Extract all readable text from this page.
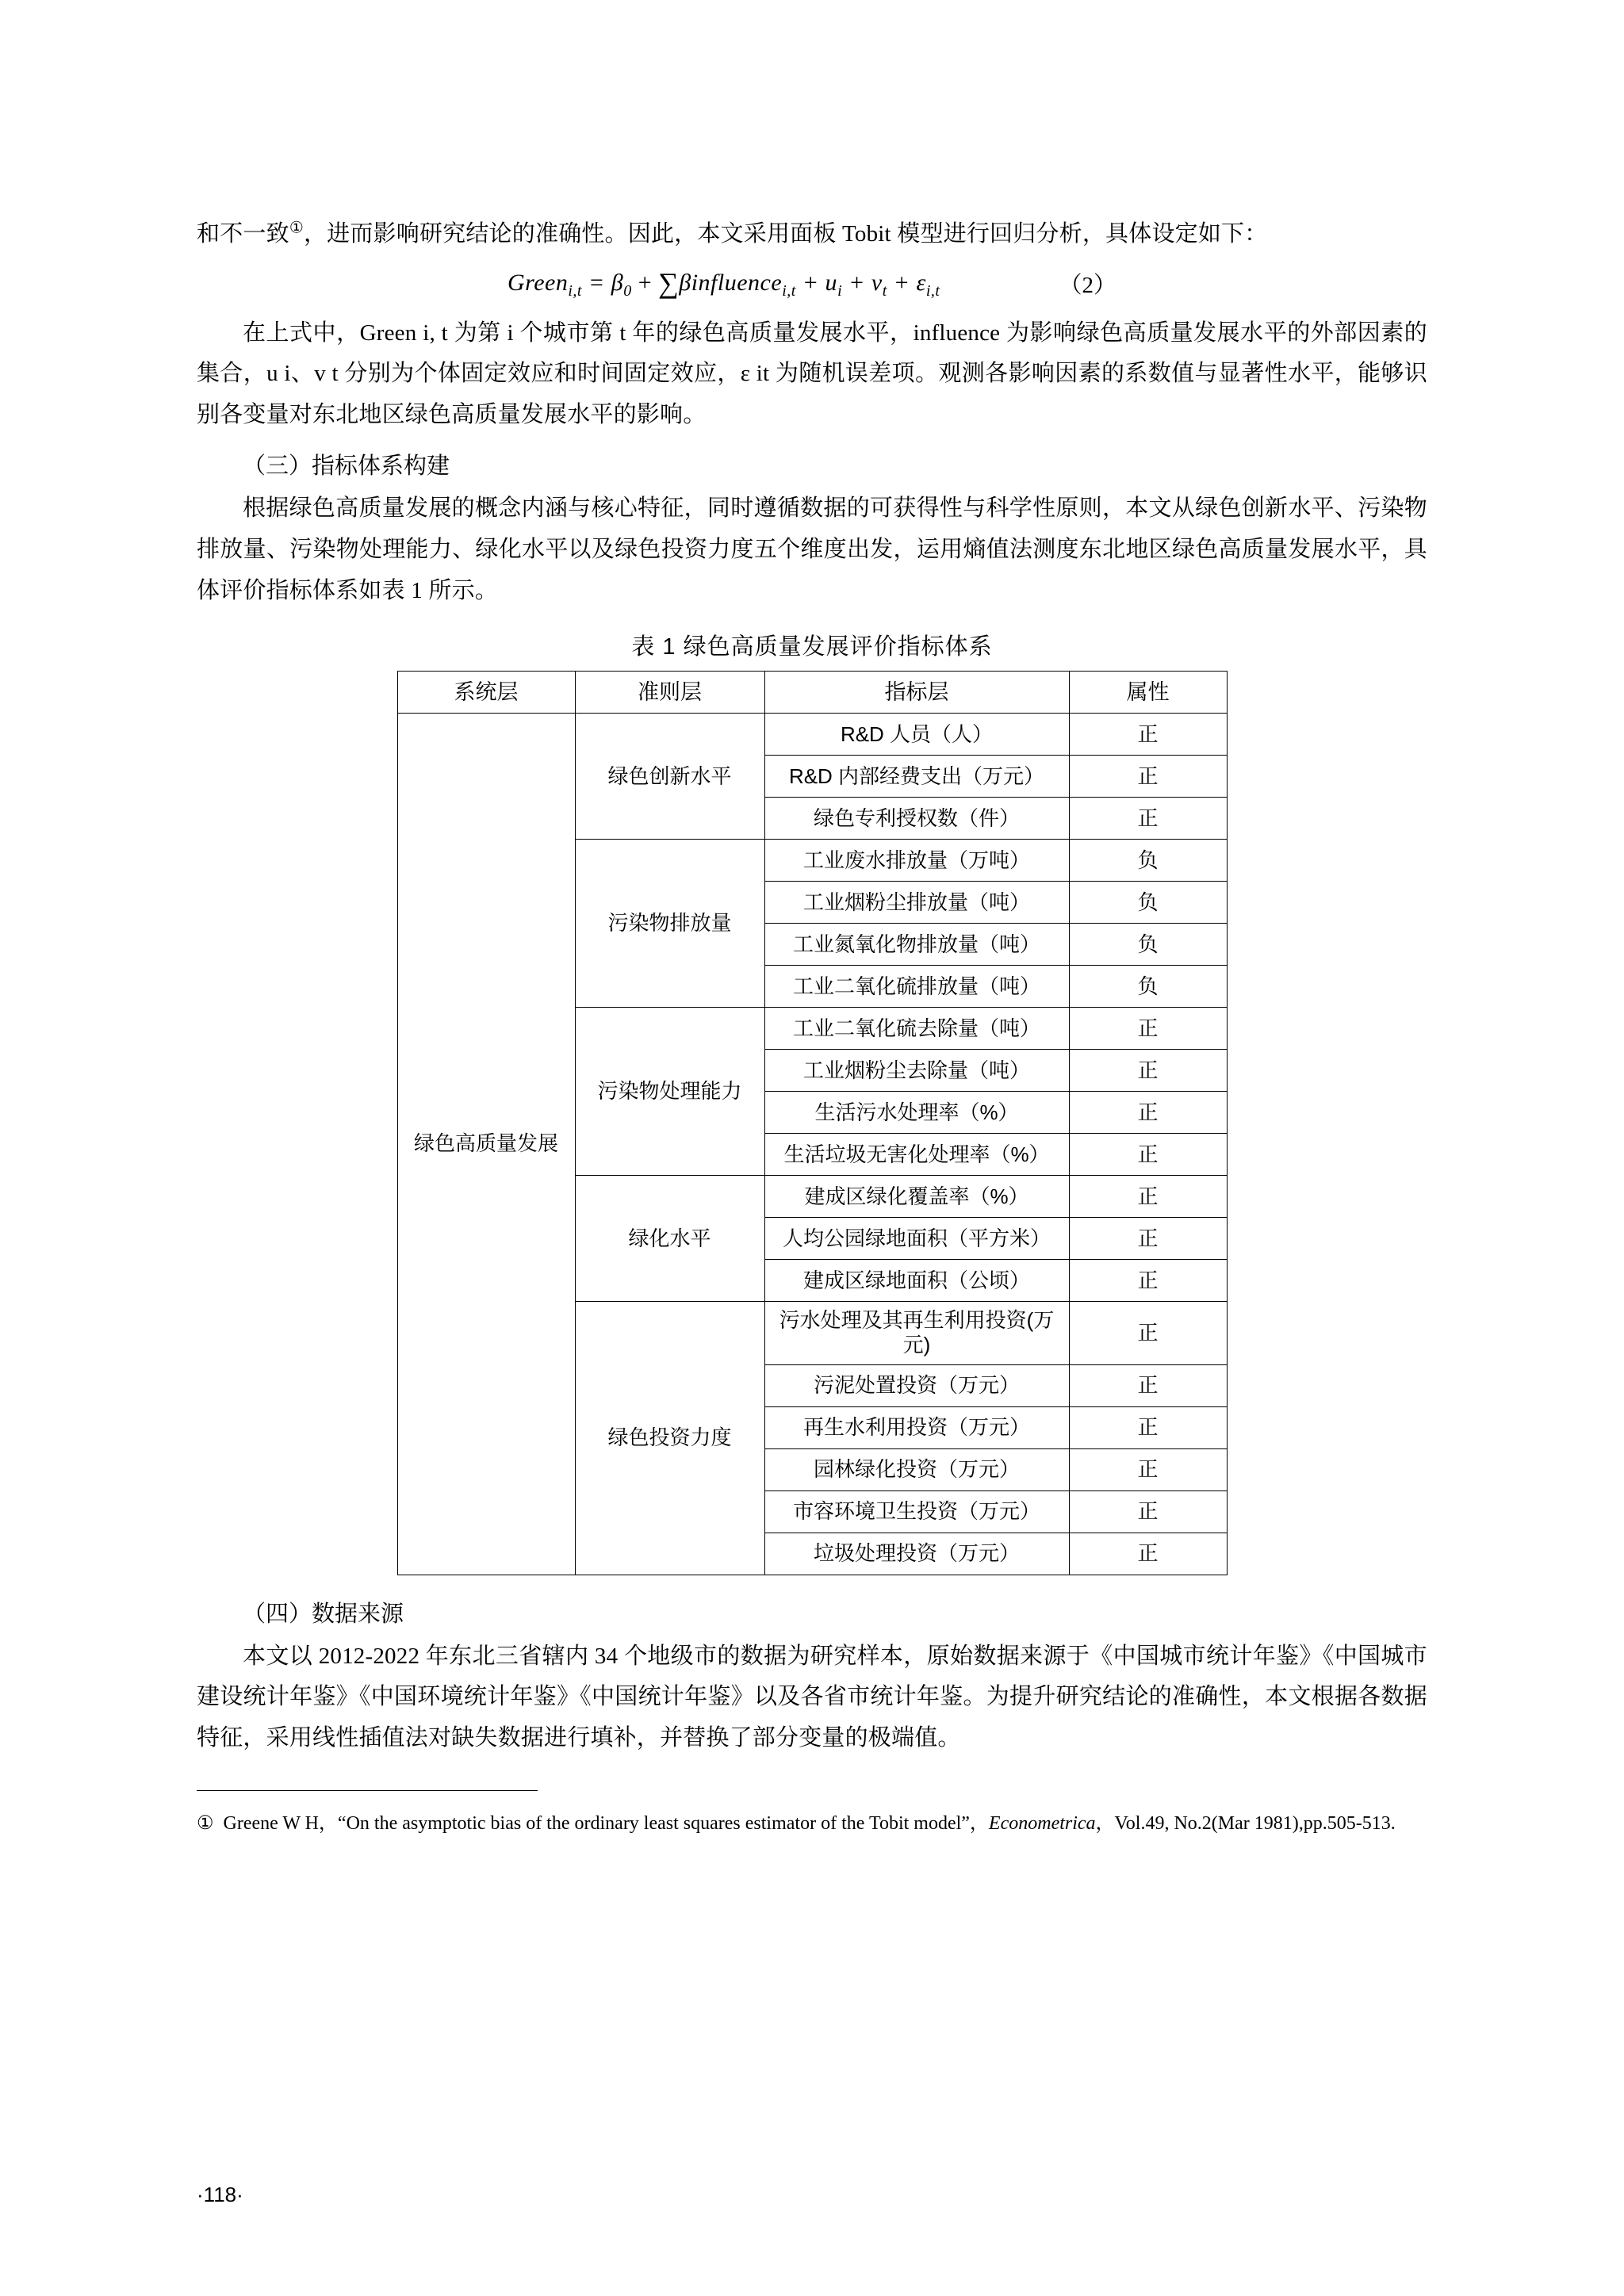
和不一致①，进而影响研究结论的准确性。因此，本文采用面板 Tobit 模型进行回归分析，具体设定如下：

Green$_{i,t}$ = $\beta_0$ + ∑βinfluence$_{i,t}$ + $u_i + v_t + \varepsilon_{i,t}$	（2）

在上式中，Green i, t 为第 i 个城市第 t 年的绿色高质量发展水平，influence 为影响绿色高质量发展水平的外部因素的集合，u i、v t 分别为个体固定效应和时间固定效应，ε it 为随机误差项。观测各影响因素的系数值与显著性水平，能够识别各变量对东北地区绿色高质量发展水平的影响。

（三）指标体系构建

根据绿色高质量发展的概念内涵与核心特征，同时遵循数据的可获得性与科学性原则，本文从绿色创新水平、污染物排放量、污染物处理能力、绿化水平以及绿色投资力度五个维度出发，运用熵值法测度东北地区绿色高质量发展水平，具体评价指标体系如表 1 所示。

表 1 绿色高质量发展评价指标体系

系统层	准则层	指标层	属性
绿色高质量发展	绿色创新水平	R&D 人员（人）	正
		R&D 内部经费支出（万元）	正
		绿色专利授权数（件）	正
	污染物排放量	工业废水排放量（万吨）	负
		工业烟粉尘排放量（吨）	负
		工业氮氧化物排放量（吨）	负
		工业二氧化硫排放量（吨）	负
	污染物处理能力	工业二氧化硫去除量（吨）	正
		工业烟粉尘去除量（吨）	正
		生活污水处理率（%）	正
		生活垃圾无害化处理率（%）	正
	绿化水平	建成区绿化覆盖率（%）	正
		人均公园绿地面积（平方米）	正
		建成区绿地面积（公顷）	正
	绿色投资力度	污水处理及其再生利用投资(万元)	正
		污泥处置投资（万元）	正
		再生水利用投资（万元）	正
		园林绿化投资（万元）	正
		市容环境卫生投资（万元）	正
		垃圾处理投资（万元）	正

（四）数据来源

本文以 2012-2022 年东北三省辖内 34 个地级市的数据为研究样本，原始数据来源于《中国城市统计年鉴》《中国城市建设统计年鉴》《中国环境统计年鉴》《中国统计年鉴》以及各省市统计年鉴。为提升研究结论的准确性，本文根据各数据特征，采用线性插值法对缺失数据进行填补，并替换了部分变量的极端值。

① Greene W H，“On the asymptotic bias of the ordinary least squares estimator of the Tobit model”，Econometrica，Vol.49, No.2(Mar 1981),pp.505-513.

·118·
